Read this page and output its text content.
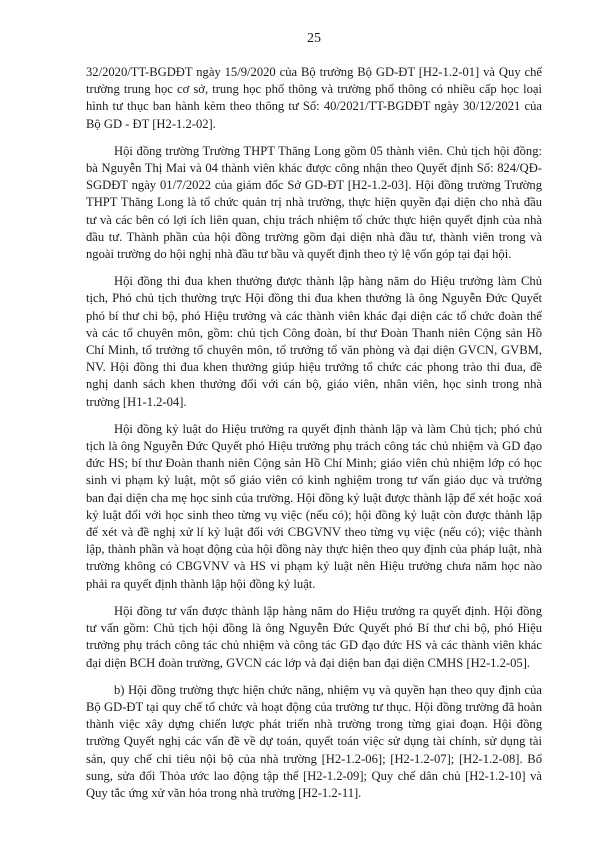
25

32/2020/TT-BGDĐT ngày 15/9/2020 của Bộ trưởng Bộ GD-ĐT [H2-1.2-01] và Quy chế trường trung học cơ sở, trung học phổ thông và trường phổ thông có nhiều cấp học loại hình tư thục ban hành kèm theo thông tư Số: 40/2021/TT-BGDĐT ngày 30/12/2021 của Bộ GD - ĐT [H2-1.2-02].

Hội đồng trường Trường THPT Thăng Long gồm 05 thành viên. Chủ tịch hội đồng: bà Nguyễn Thị Mai và 04 thành viên khác được công nhận theo Quyết định Số: 824/QĐ-SGDĐT ngày 01/7/2022 của giám đốc Sở GD-ĐT [H2-1.2-03]. Hội đồng trường Trường THPT Thăng Long là tổ chức quản trị nhà trường, thực hiện quyền đại diện cho nhà đầu tư và các bên có lợi ích liên quan, chịu trách nhiệm tổ chức thực hiện quyết định của nhà đầu tư. Thành phần của hội đồng trường gồm đại diện nhà đầu tư, thành viên trong và ngoài trường do hội nghị nhà đầu tư bầu và quyết định theo tỷ lệ vốn góp tại đại hội.

Hội đồng thi đua khen thưởng được thành lập hàng năm do Hiệu trưởng làm Chủ tịch, Phó chủ tịch thường trực Hội đồng thi đua khen thưởng là ông Nguyễn Đức Quyết phó bí thư chi bộ, phó Hiệu trưởng và các thành viên khác đại diện các tổ chức đoàn thể và các tổ chuyên môn, gồm: chủ tịch Công đoàn, bí thư Đoàn Thanh niên Cộng sản Hồ Chí Minh, tổ trưởng tổ chuyên môn, tổ trưởng tổ văn phòng và đại diện GVCN, GVBM, NV. Hội đồng thi đua khen thưởng giúp hiệu trưởng tổ chức các phong trào thi đua, đề nghị danh sách khen thưởng đối với cán bộ, giáo viên, nhân viên, học sinh trong nhà trường [H1-1.2-04].

Hội đồng kỷ luật do Hiệu trưởng ra quyết định thành lập và làm Chủ tịch; phó chủ tịch là ông Nguyễn Đức Quyết phó Hiệu trưởng phụ trách công tác chủ nhiệm và GD đạo đức HS; bí thư Đoàn thanh niên Cộng sản Hồ Chí Minh; giáo viên chủ nhiệm lớp có học sinh vi phạm kỷ luật, một số giáo viên có kinh nghiệm trong tư vấn giáo dục và trưởng ban đại diện cha mẹ học sinh của trường. Hội đồng kỷ luật được thành lập để xét hoặc xoá kỷ luật đối với học sinh theo từng vụ việc (nếu có); hội đồng kỷ luật còn được thành lập để xét và đề nghị xử lí kỷ luật đối với CBGVNV theo từng vụ việc (nếu có); việc thành lập, thành phần và hoạt động của hội đồng này thực hiện theo quy định của pháp luật, nhà trường không có CBGVNV và HS vi phạm kỷ luật nên Hiệu trưởng chưa năm học nào phải ra quyết định thành lập hội đồng kỷ luật.

Hội đồng tư vấn được thành lập hàng năm do Hiệu trưởng ra quyết định. Hội đồng tư vấn gồm: Chủ tịch hội đồng là ông Nguyễn Đức Quyết phó Bí thư chi bộ, phó Hiệu trưởng phụ trách công tác chủ nhiệm và công tác GD đạo đức HS và các thành viên khác đại diện BCH đoàn trường, GVCN các lớp và đại diện ban đại diện CMHS [H2-1.2-05].

b) Hội đồng trường thực hiện chức năng, nhiệm vụ và quyền hạn theo quy định của Bộ GD-ĐT tại quy chế tổ chức và hoạt động của trường tư thục. Hội đồng trường đã hoàn thành việc xây dựng chiến lược phát triển nhà trường trong từng giai đoạn. Hội đồng trường Quyết nghị các vấn đề về dự toán, quyết toán việc sử dụng tài chính, sử dụng tài sản, quy chế chi tiêu nội bộ của nhà trường [H2-1.2-06]; [H2-1.2-07]; [H2-1.2-08]. Bổ sung, sửa đổi Thỏa ước lao động tập thể [H2-1.2-09]; Quy chế dân chủ [H2-1.2-10] và Quy tắc ứng xử văn hóa trong nhà trường [H2-1.2-11].
